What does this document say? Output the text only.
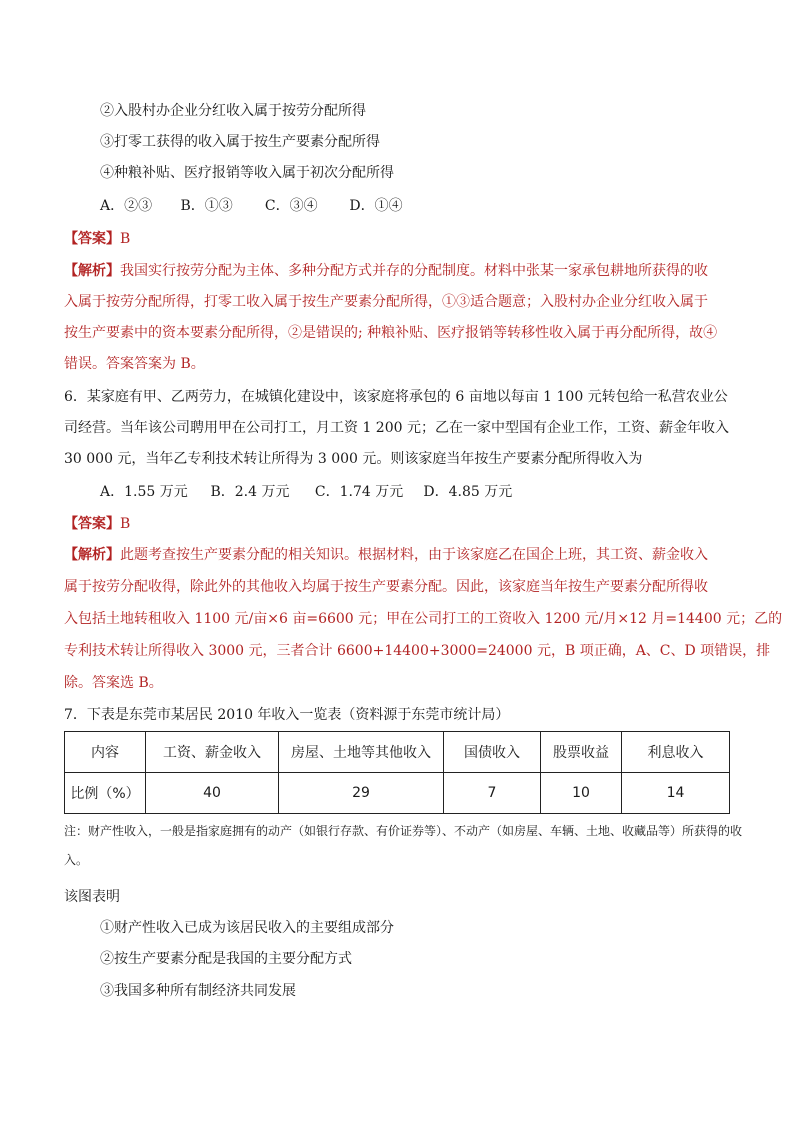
②入股村办企业分红收入属于按劳分配所得
③打零工获得的收入属于按生产要素分配所得
④种粮补贴、医疗报销等收入属于初次分配所得
A．②③ B．①③ C．③④ D．①④
【答案】B
【解析】我国实行按劳分配为主体、多种分配方式并存的分配制度。材料中张某一家承包耕地所获得的收
入属于按劳分配所得，打零工收入属于按生产要素分配所得，①③适合题意；入股村办企业分红收入属于
按生产要素中的资本要素分配所得，②是错误的; 种粮补贴、医疗报销等转移性收入属于再分配所得，故④
错误。答案答案为 B。
6．某家庭有甲、乙两劳力，在城镇化建设中，该家庭将承包的 6 亩地以每亩 1 100 元转包给一私营农业公
司经营。当年该公司聘用甲在公司打工，月工资 1 200 元；乙在一家中型国有企业工作，工资、薪金年收入
30 000 元，当年乙专利技术转让所得为 3 000 元。则该家庭当年按生产要素分配所得收入为
A．1.55 万元 B．2.4 万元 C．1.74 万元 D．4.85 万元
【答案】B
【解析】此题考查按生产要素分配的相关知识。根据材料，由于该家庭乙在国企上班，其工资、薪金收入
属于按劳分配收得，除此外的其他收入均属于按生产要素分配。因此，该家庭当年按生产要素分配所得收
入包括土地转租收入 1100 元/亩×6 亩=6600 元；甲在公司打工的工资收入 1200 元/月×12 月=14400 元；乙的
专利技术转让所得收入 3000 元，三者合计 6600+14400+3000=24000 元，B 项正确，A、C、D 项错误，排
除。答案选 B。
7．下表是东莞市某居民 2010 年收入一览表（资料源于东莞市统计局）
内容	工资、薪金收入	房屋、土地等其他收入	国债收入	股票收益	利息收入
比例（%）	40	29	7	10	14
注：财产性收入，一般是指家庭拥有的动产（如银行存款、有价证券等）、不动产（如房屋、车辆、土地、收藏品等）所获得的收入。
该图表明
①财产性收入已成为该居民收入的主要组成部分
②按生产要素分配是我国的主要分配方式
③我国多种所有制经济共同发展
